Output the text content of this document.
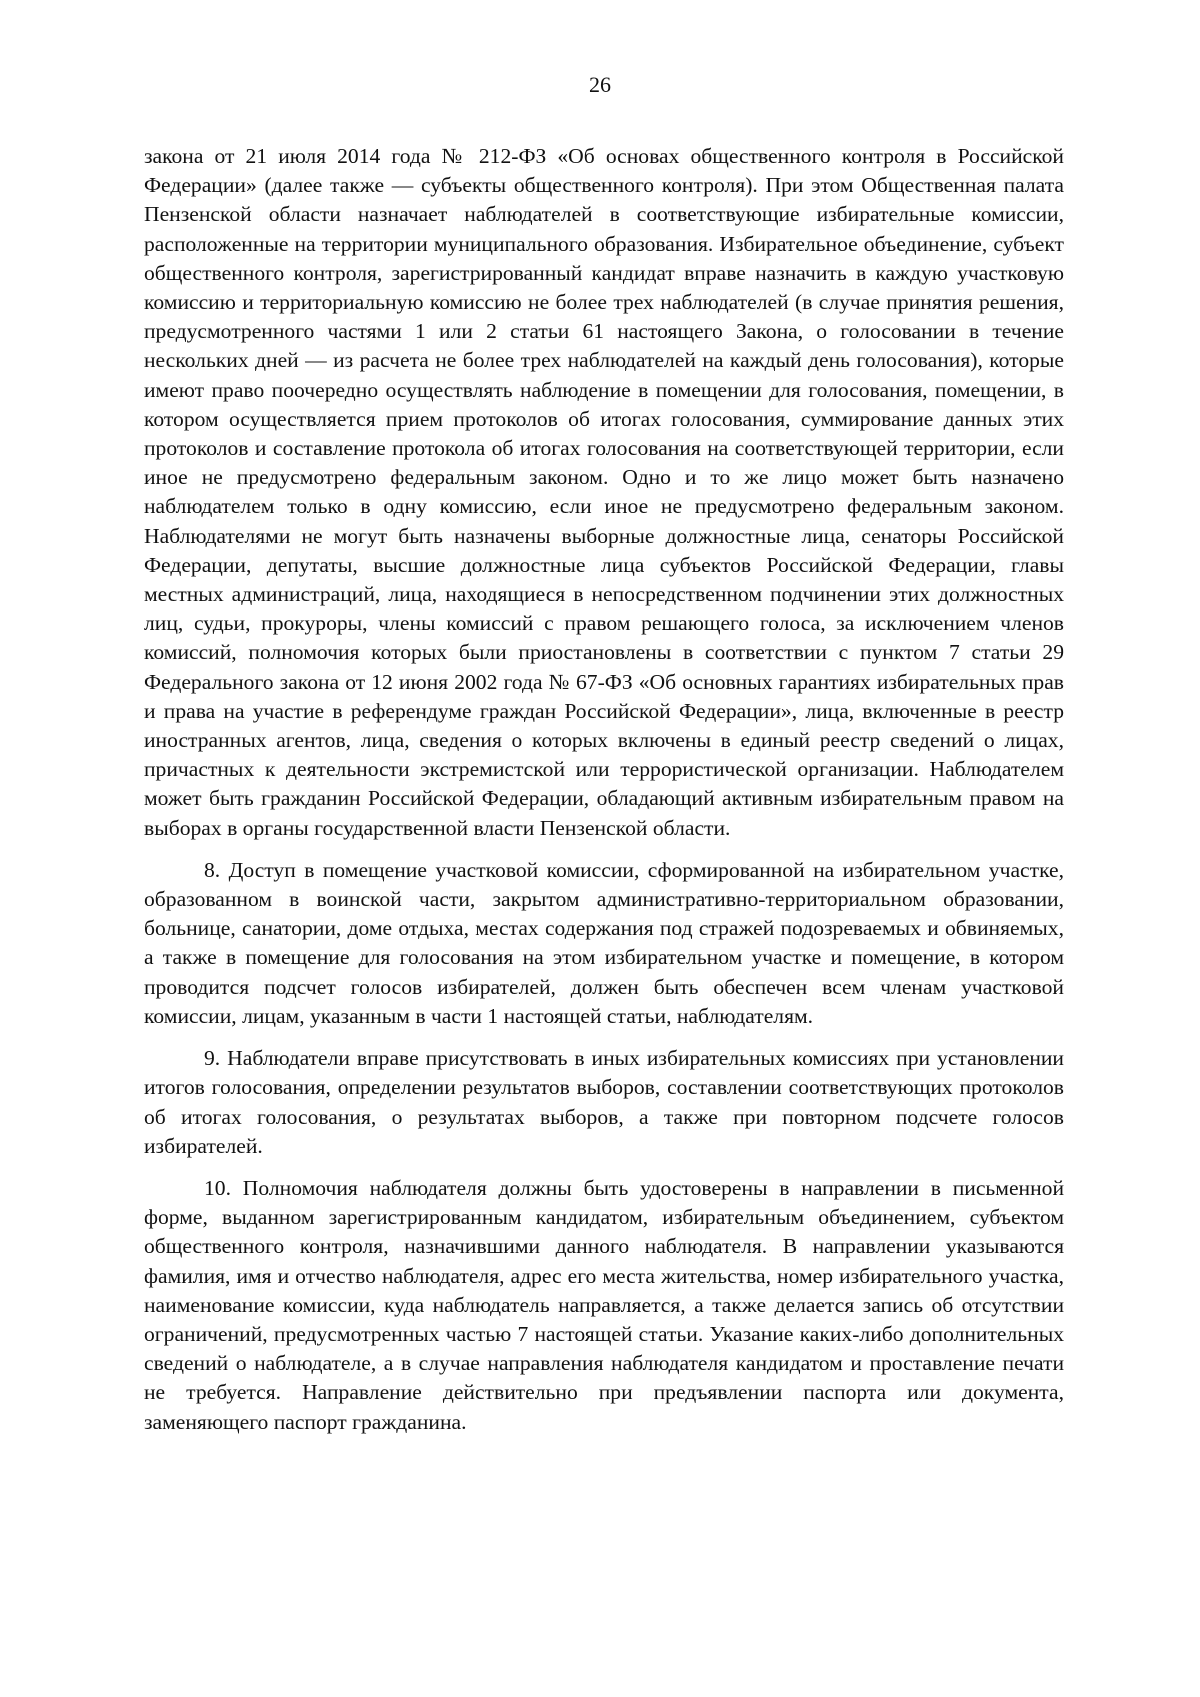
26

закона от 21 июля 2014 года № 212-ФЗ «Об основах общественного контроля в Российской Федерации» (далее также — субъекты общественного контроля). При этом Общественная палата Пензенской области назначает наблюдателей в соответствующие избирательные комиссии, расположенные на территории муниципального образования. Избирательное объединение, субъект общественного контроля, зарегистрированный кандидат вправе назначить в каждую участковую комиссию и территориальную комиссию не более трех наблюдателей (в случае принятия решения, предусмотренного частями 1 или 2 статьи 61 настоящего Закона, о голосовании в течение нескольких дней — из расчета не более трех наблюдателей на каждый день голосования), которые имеют право поочередно осуществлять наблюдение в помещении для голосования, помещении, в котором осуществляется прием протоколов об итогах голосования, суммирование данных этих протоколов и составление протокола об итогах голосования на соответствующей территории, если иное не предусмотрено федеральным законом. Одно и то же лицо может быть назначено наблюдателем только в одну комиссию, если иное не предусмотрено федеральным законом. Наблюдателями не могут быть назначены выборные должностные лица, сенаторы Российской Федерации, депутаты, высшие должностные лица субъектов Российской Федерации, главы местных администраций, лица, находящиеся в непосредственном подчинении этих должностных лиц, судьи, прокуроры, члены комиссий с правом решающего голоса, за исключением членов комиссий, полномочия которых были приостановлены в соответствии с пунктом 7 статьи 29 Федерального закона от 12 июня 2002 года № 67-ФЗ «Об основных гарантиях избирательных прав и права на участие в референдуме граждан Российской Федерации», лица, включенные в реестр иностранных агентов, лица, сведения о которых включены в единый реестр сведений о лицах, причастных к деятельности экстремистской или террористической организации. Наблюдателем может быть гражданин Российской Федерации, обладающий активным избирательным правом на выборах в органы государственной власти Пензенской области.

8. Доступ в помещение участковой комиссии, сформированной на избирательном участке, образованном в воинской части, закрытом административно-территориальном образовании, больнице, санатории, доме отдыха, местах содержания под стражей подозреваемых и обвиняемых, а также в помещение для голосования на этом избирательном участке и помещение, в котором проводится подсчет голосов избирателей, должен быть обеспечен всем членам участковой комиссии, лицам, указанным в части 1 настоящей статьи, наблюдателям.

9. Наблюдатели вправе присутствовать в иных избирательных комиссиях при установлении итогов голосования, определении результатов выборов, составлении соответствующих протоколов об итогах голосования, о результатах выборов, а также при повторном подсчете голосов избирателей.

10. Полномочия наблюдателя должны быть удостоверены в направлении в письменной форме, выданном зарегистрированным кандидатом, избирательным объединением, субъектом общественного контроля, назначившими данного наблюдателя. В направлении указываются фамилия, имя и отчество наблюдателя, адрес его места жительства, номер избирательного участка, наименование комиссии, куда наблюдатель направляется, а также делается запись об отсутствии ограничений, предусмотренных частью 7 настоящей статьи. Указание каких-либо дополнительных сведений о наблюдателе, а в случае направления наблюдателя кандидатом и проставление печати не требуется. Направление действительно при предъявлении паспорта или документа, заменяющего паспорт гражданина.
